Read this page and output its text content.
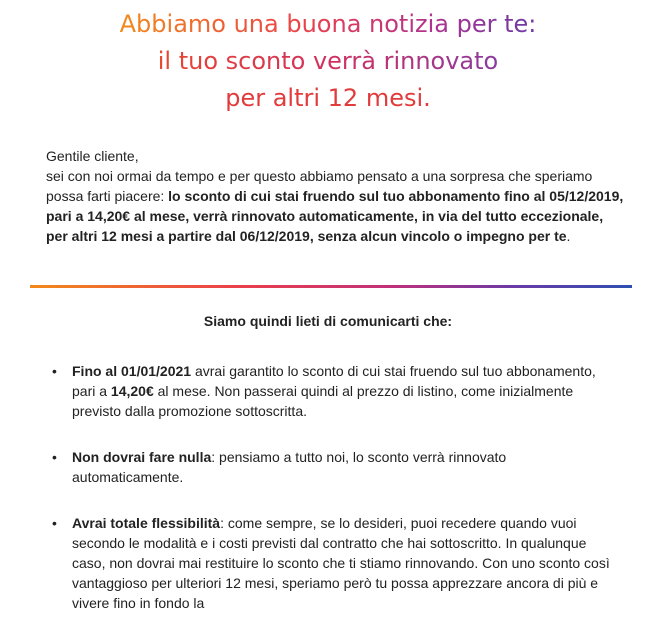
Abbiamo una buona notizia per te:
il tuo sconto verrà rinnovato
per altri 12 mesi.
Gentile cliente,
sei con noi ormai da tempo e per questo abbiamo pensato a una sorpresa che speriamo possa farti piacere: lo sconto di cui stai fruendo sul tuo abbonamento fino al 05/12/2019, pari a 14,20€ al mese, verrà rinnovato automaticamente, in via del tutto eccezionale, per altri 12 mesi a partire dal 06/12/2019, senza alcun vincolo o impegno per te.
Siamo quindi lieti di comunicarti che:
• Fino al 01/01/2021 avrai garantito lo sconto di cui stai fruendo sul tuo abbonamento, pari a 14,20€ al mese. Non passerai quindi al prezzo di listino, come inizialmente previsto dalla promozione sottoscritta.
• Non dovrai fare nulla: pensiamo a tutto noi, lo sconto verrà rinnovato automaticamente.
• Avrai totale flessibilità: come sempre, se lo desideri, puoi recedere quando vuoi secondo le modalità e i costi previsti dal contratto che hai sottoscritto. In qualunque caso, non dovrai mai restituire lo sconto che ti stiamo rinnovando. Con uno sconto così vantaggioso per ulteriori 12 mesi, speriamo però tu possa apprezzare ancora di più e vivere fino in fondo la
